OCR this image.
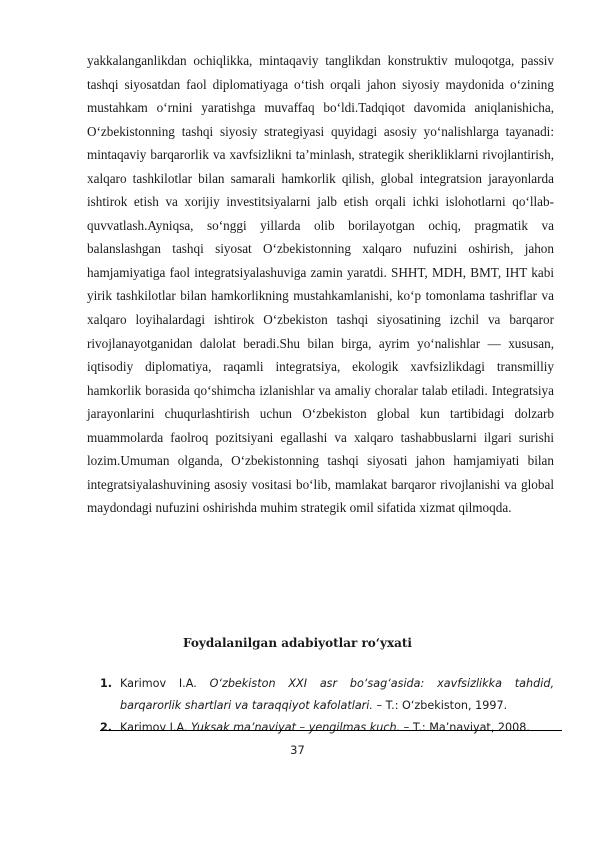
yakkalanganlikdan ochiqlikka, mintaqaviy tanglikdan konstruktiv muloqotga, passiv tashqi siyosatdan faol diplomatiyaga o‘tish orqali jahon siyosiy maydonida o‘zining mustahkam o‘rnini yaratishga muvaffaq bo‘ldi.Tadqiqot davomida aniqlanishicha, O‘zbekistonning tashqi siyosiy strategiyasi quyidagi asosiy yo‘nalishlarga tayanadi: mintaqaviy barqarorlik va xavfsizlikni ta’minlash, strategik sherikliklarni rivojlantirish, xalqaro tashkilotlar bilan samarali hamkorlik qilish, global integratsion jarayonlarda ishtirok etish va xorijiy investitsiyalarni jalb etish orqali ichki islohotlarni qo‘llab-quvvatlash.Ayniqsa, so‘nggi yillarda olib borilayotgan ochiq, pragmatik va balanslashgan tashqi siyosat O‘zbekistonning xalqaro nufuzini oshirish, jahon hamjamiyatiga faol integratsiyalashuviga zamin yaratdi. SHHT, MDH, BMT, IHT kabi yirik tashkilotlar bilan hamkorlikning mustahkamlanishi, ko‘p tomonlama tashriflar va xalqaro loyihalardagi ishtirok O‘zbekiston tashqi siyosatining izchil va barqaror rivojlanayotganidan dalolat beradi.Shu bilan birga, ayrim yo‘nalishlar — xususan, iqtisodiy diplomatiya, raqamli integratsiya, ekologik xavfsizlikdagi transmilliy hamkorlik borasida qo‘shimcha izlanishlar va amaliy choralar talab etiladi. Integratsiya jarayonlarini chuqurlashtirish uchun O‘zbekiston global kun tartibidagi dolzarb muammolarda faolroq pozitsiyani egallashi va xalqaro tashabbuslarni ilgari surishi lozim.Umuman olganda, O‘zbekistonning tashqi siyosati jahon hamjamiyati bilan integratsiyalashuvining asosiy vositasi bo‘lib, mamlakat barqaror rivojlanishi va global maydondagi nufuzini oshirishda muhim strategik omil sifatida xizmat qilmoqda.

Foydalanilgan adabiyotlar ro‘yxati
1. Karimov I.A. O‘zbekiston XXI asr bo‘sag‘asida: xavfsizlikka tahdid,
barqarorlik shartlari va taraqqiyot kafolatlari. – T.: O‘zbekiston, 1997.
2. Karimov I.A. Yuksak ma’naviyat – yengilmas kuch. – T.: Ma’naviyat, 2008.
37
